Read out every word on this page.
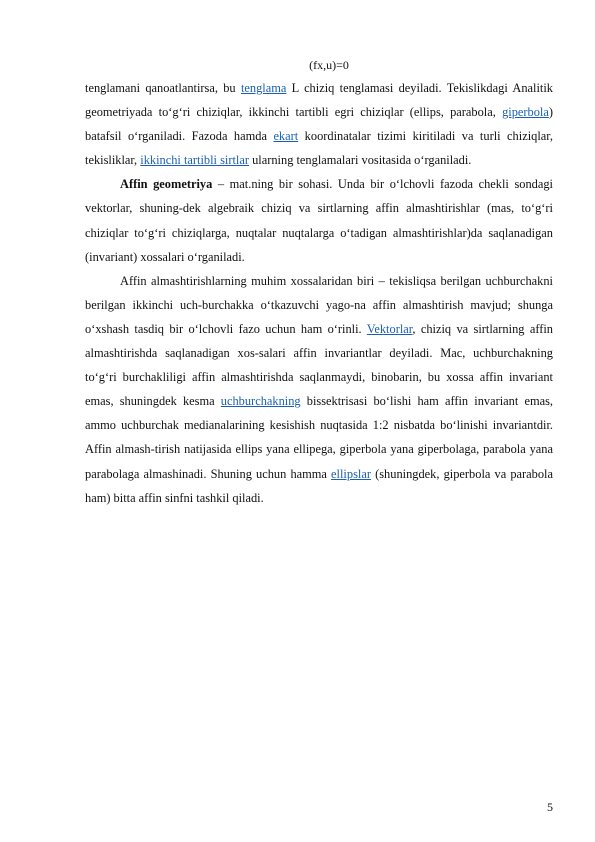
(fx,u)=0

tenglamani qanoatlantirsa, bu tenglama L chiziq tenglamasi deyiladi. Tekislikdagi Analitik geometriyada to‘g‘ri chiziqlar, ikkinchi tartibli egri chiziqlar (ellips, parabola, giperbola) batafsil o‘rganiladi. Fazoda hamda ekart koordinatalar tizimi kiritiladi va turli chiziqlar, tekisliklar, ikkinchi tartibli sirtlar ularning tenglamalari vositasida o‘rganiladi.

Affin geometriya – mat.ning bir sohasi. Unda bir o‘lchovli fazoda chekli sondagi vektorlar, shuning-dek algebraik chiziq va sirtlarning affin almashtirishlar (mas, to‘g‘ri chiziqlar to‘g‘ri chiziqlarga, nuqtalar nuqtalarga o‘tadigan almashtirishlar)da saqlanadigan (invariant) xossalari o‘rganiladi.

Affin almashtirishlarning muhim xossalaridan biri – tekisliqsa berilgan uchburchakni berilgan ikkinchi uch-burchakka o‘tkazuvchi yago-na affin almashtirish mavjud; shunga o‘xshash tasdiq bir o‘lchovli fazo uchun ham o‘rinli. Vektorlar, chiziq va sirtlarning affin almashtirishda saqlanadigan xos-salari affin invariantlar deyiladi. Mac, uchburchakning to‘g‘ri burchakliligi affin almashtirishda saqlanmaydi, binobarin, bu xossa affin invariant emas, shuningdek kesma uchburchakning bissektrisasi bo‘lishi ham affin invariant emas, ammo uchburchak medianalarining kesishish nuqtasida 1:2 nisbatda bo‘linishi invariantdir. Affin almash-tirish natijasida ellips yana ellipega, giperbola yana giperbolaga, parabola yana parabolaga almashinadi. Shuning uchun hamma ellipslar (shuningdek, giperbola va parabola ham) bitta affin sinfni tashkil qiladi.

5
